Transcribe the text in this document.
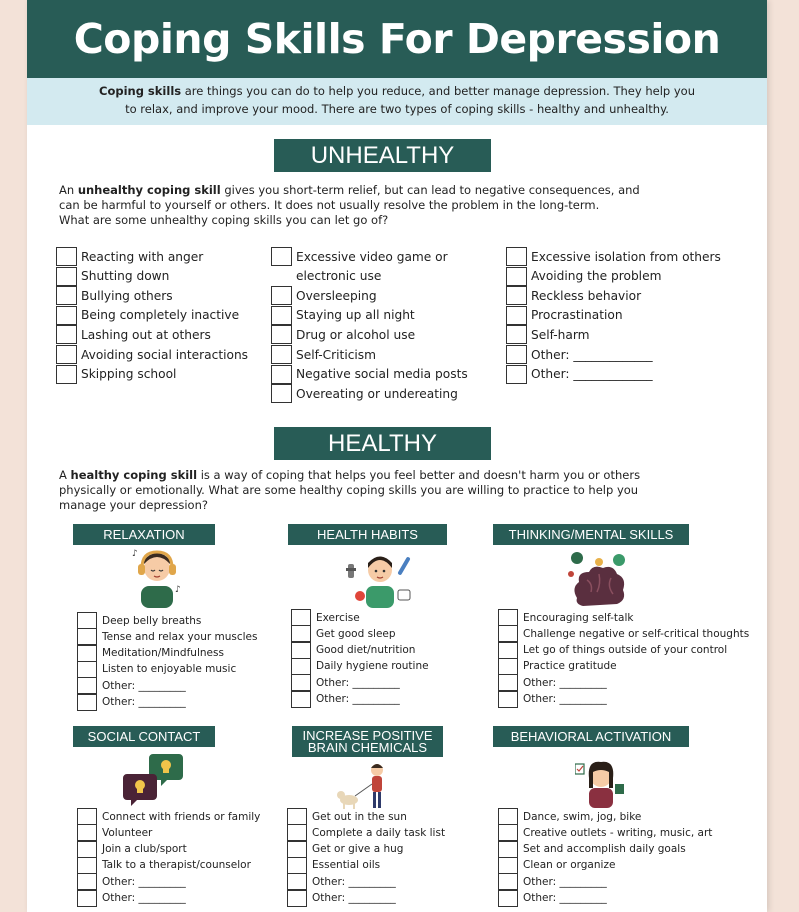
Coping Skills For Depression
Coping skills are things you can do to help you reduce, and better manage depression. They help you
to relax, and improve your mood. There are two types of coping skills - healthy and unhealthy.
UNHEALTHY
An unhealthy coping skill gives you short-term relief, but can lead to negative consequences, and
can be harmful to yourself or others. It does not usually resolve the problem in the long-term.
What are some unhealthy coping skills you can let go of?
Reacting with anger
Shutting down
Bullying others
Being completely inactive
Lashing out at others
Avoiding social interactions
Skipping school
Excessive video game or
electronic use
Oversleeping
Staying up all night
Drug or alcohol use
Self-Criticism
Negative social media posts
Overeating or undereating
Excessive isolation from others
Avoiding the problem
Reckless behavior
Procrastination
Self-harm
Other: _____________
Other: _____________
HEALTHY
A healthy coping skill is a way of coping that helps you feel better and doesn't harm you or others
physically or emotionally. What are some healthy coping skills you are willing to practice to help you
manage your depression?
RELAXATION	HEALTH HABITS	THINKING/MENTAL SKILLS
SOCIAL CONTACT	INCREASE POSITIVE
BRAIN CHEMICALS
BEHAVIORAL ACTIVATION
♪
♪
Deep belly breaths
Tense and relax your muscles
Meditation/Mindfulness
Listen to enjoyable music
Other: _________
Other: _________
Exercise
Get good sleep
Good diet/nutrition
Daily hygiene routine
Other: _________
Other: _________
Encouraging self-talk
Challenge negative or self-critical thoughts
Let go of things outside of your control
Practice gratitude
Other: _________
Other: _________
Connect with friends or family
Volunteer
Join a club/sport
Talk to a therapist/counselor
Other: _________
Other: _________
Get out in the sun
Complete a daily task list
Get or give a hug
Essential oils
Other: _________
Other: _________
Dance, swim, jog, bike
Creative outlets - writing, music, art
Set and accomplish daily goals
Clean or organize
Other: _________
Other: _________
